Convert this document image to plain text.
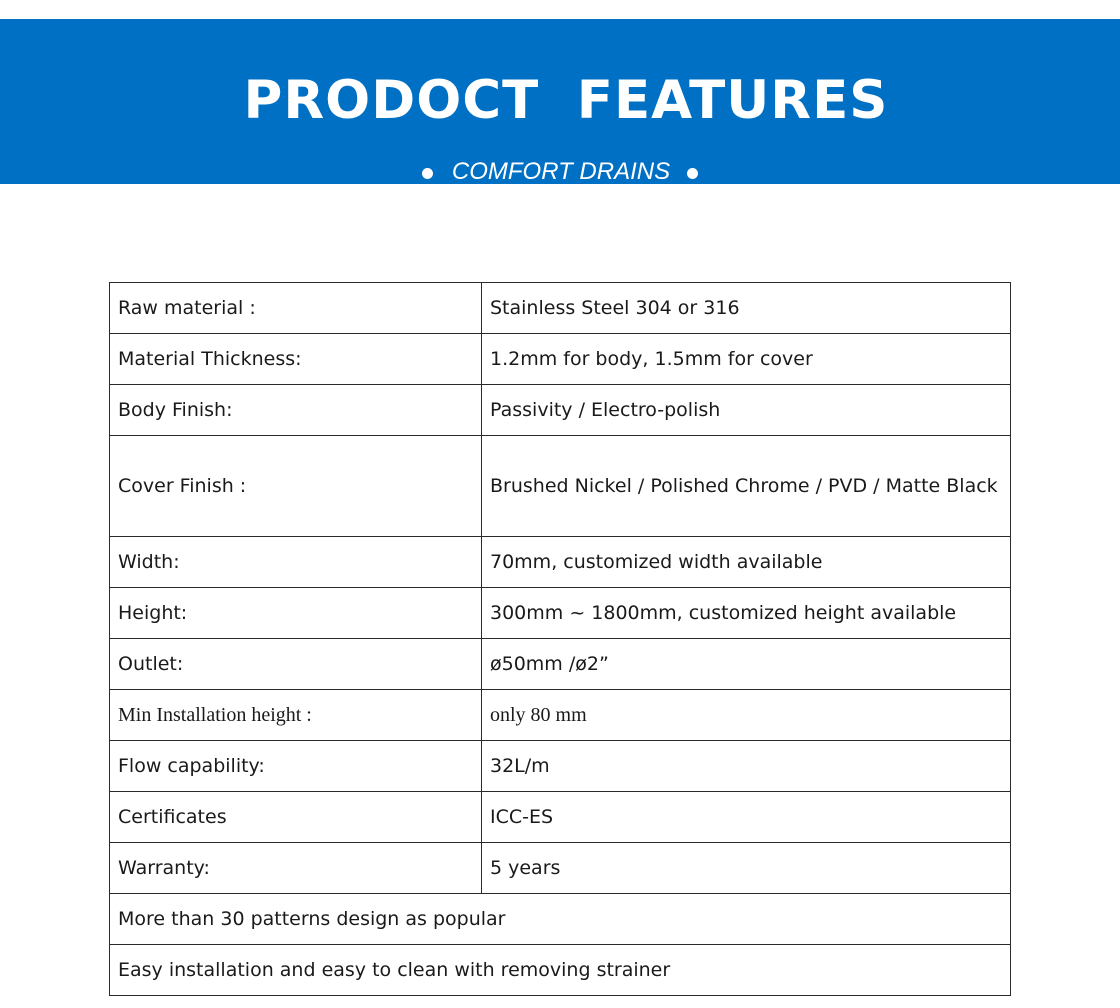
PRODOCT FEATURES
COMFORT DRAINS
Raw material :	Stainless Steel 304 or 316
Material Thickness:	1.2mm for body, 1.5mm for cover
Body Finish:	Passivity / Electro-polish
Cover Finish :	Brushed Nickel / Polished Chrome / PVD / Matte Black
Width:	70mm, customized width available
Height:	300mm ~ 1800mm, customized height available
Outlet:	ø50mm /ø2”
Min Installation height :	only 80 mm
Flow capability:	32L/m
Certificates	ICC-ES
Warranty:	5 years
More than 30 patterns design as popular	
Easy installation and easy to clean with removing strainer	
